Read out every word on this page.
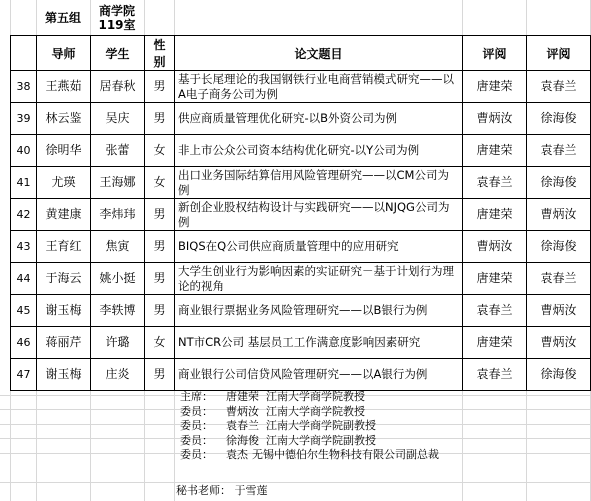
第五组	商学院
119室
	导师	学生	性别	论文题目	评阅	评阅
38	王燕茹	居春秋	男	基于长尾理论的我国钢铁行业电商营销模式研究——以A电子商务公司为例	唐建荣	袁春兰
39	林云鉴	吴庆	男	供应商质量管理优化研究-以B外资公司为例	曹炳汝	徐海俊
40	徐明华	张蕾	女	非上市公众公司资本结构优化研究-以Y公司为例	唐建荣	袁春兰
41	尤瑛	王海娜	女	出口业务国际结算信用风险管理研究——以CM公司为例	袁春兰	徐海俊
42	黄建康	李炜玮	男	新创企业股权结构设计与实践研究——以NJQG公司为例	唐建荣	曹炳汝
43	王育红	焦寅	男	BIQS在Q公司供应商质量管理中的应用研究	曹炳汝	徐海俊
44	于海云	姚小挺	男	大学生创业行为影响因素的实证研究－基于计划行为理论的视角	唐建荣	袁春兰
45	谢玉梅	李轶博	男	商业银行票据业务风险管理研究——以B银行为例	袁春兰	曹炳汝
46	蒋丽芹	许璐	女	NT市CR公司 基层员工工作满意度影响因素研究	唐建荣	曹炳汝
47	谢玉梅	庄炎	男	商业银行公司信贷风险管理研究——以A银行为例	袁春兰	徐海俊
主席： 唐建荣 江南大学商学院教授
委员： 曹炳汝 江南大学商学院教授
委员： 袁春兰 江南大学商学院副教授
委员： 徐海俊 江南大学商学院副教授
委员： 袁杰 无锡中德伯尔生物科技有限公司副总裁
秘书老师： 于雪莲
